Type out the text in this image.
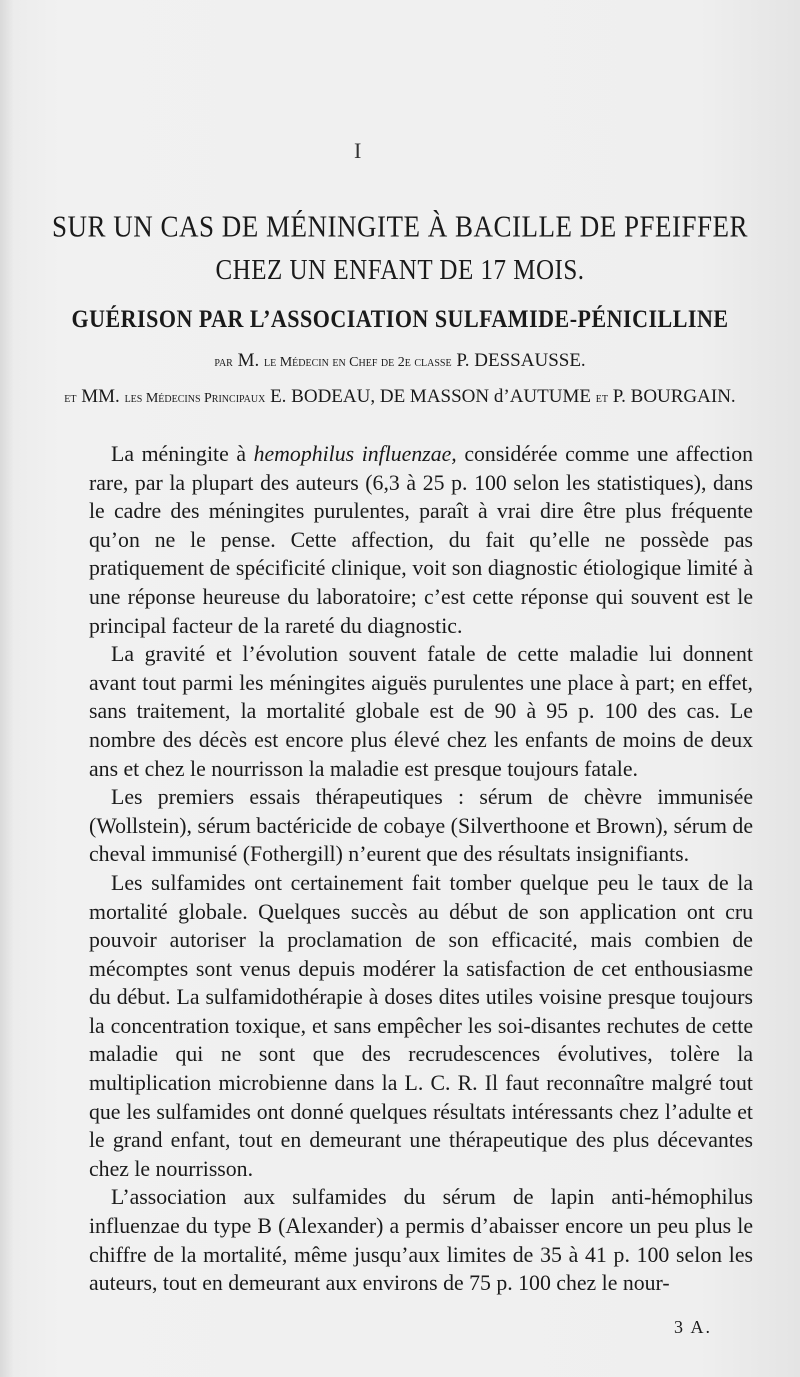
I
SUR UN CAS DE MÉNINGITE À BACILLE DE PFEIFFER
CHEZ UN ENFANT DE 17 MOIS.
GUÉRISON PAR L’ASSOCIATION SULFAMIDE-PÉNICILLINE
par M. le Médecin en Chef de 2e classe P. DESSAUSSE.
et MM. les Médecins Principaux E. BODEAU, DE MASSON d’AUTUME et P. BOURGAIN.

La méningite à hemophilus influenzae, considérée comme une affection rare, par la plupart des auteurs (6,3 à 25 p. 100 selon les statistiques), dans le cadre des méningites purulentes, paraît à vrai dire être plus fréquente qu’on ne le pense. Cette affection, du fait qu’elle ne possède pas pratiquement de spécificité clinique, voit son diagnostic étiologique limité à une réponse heureuse du laboratoire; c’est cette réponse qui souvent est le principal facteur de la rareté du diagnostic.

La gravité et l’évolution souvent fatale de cette maladie lui donnent avant tout parmi les méningites aiguës purulentes une place à part; en effet, sans traitement, la mortalité globale est de 90 à 95 p. 100 des cas. Le nombre des décès est encore plus élevé chez les enfants de moins de deux ans et chez le nourrisson la maladie est presque toujours fatale.

Les premiers essais thérapeutiques : sérum de chèvre immunisée (Wollstein), sérum bactéricide de cobaye (Silverthoone et Brown), sérum de cheval immunisé (Fothergill) n’eurent que des résultats insignifiants.

Les sulfamides ont certainement fait tomber quelque peu le taux de la mortalité globale. Quelques succès au début de son application ont cru pouvoir autoriser la proclamation de son efficacité, mais combien de mécomptes sont venus depuis modérer la satisfaction de cet enthousiasme du début. La sulfamidothérapie à doses dites utiles voisine presque toujours la concentration toxique, et sans empêcher les soi-disantes rechutes de cette maladie qui ne sont que des recrudescences évolutives, tolère la multiplication microbienne dans la L. C. R. Il faut reconnaître malgré tout que les sulfamides ont donné quelques résultats intéressants chez l’adulte et le grand enfant, tout en demeurant une thérapeutique des plus décevantes chez le nourrisson.

L’association aux sulfamides du sérum de lapin anti-hémophilus influenzae du type B (Alexander) a permis d’abaisser encore un peu plus le chiffre de la mortalité, même jusqu’aux limites de 35 à 41 p. 100 selon les auteurs, tout en demeurant aux environs de 75 p. 100 chez le nour-

3 A.
